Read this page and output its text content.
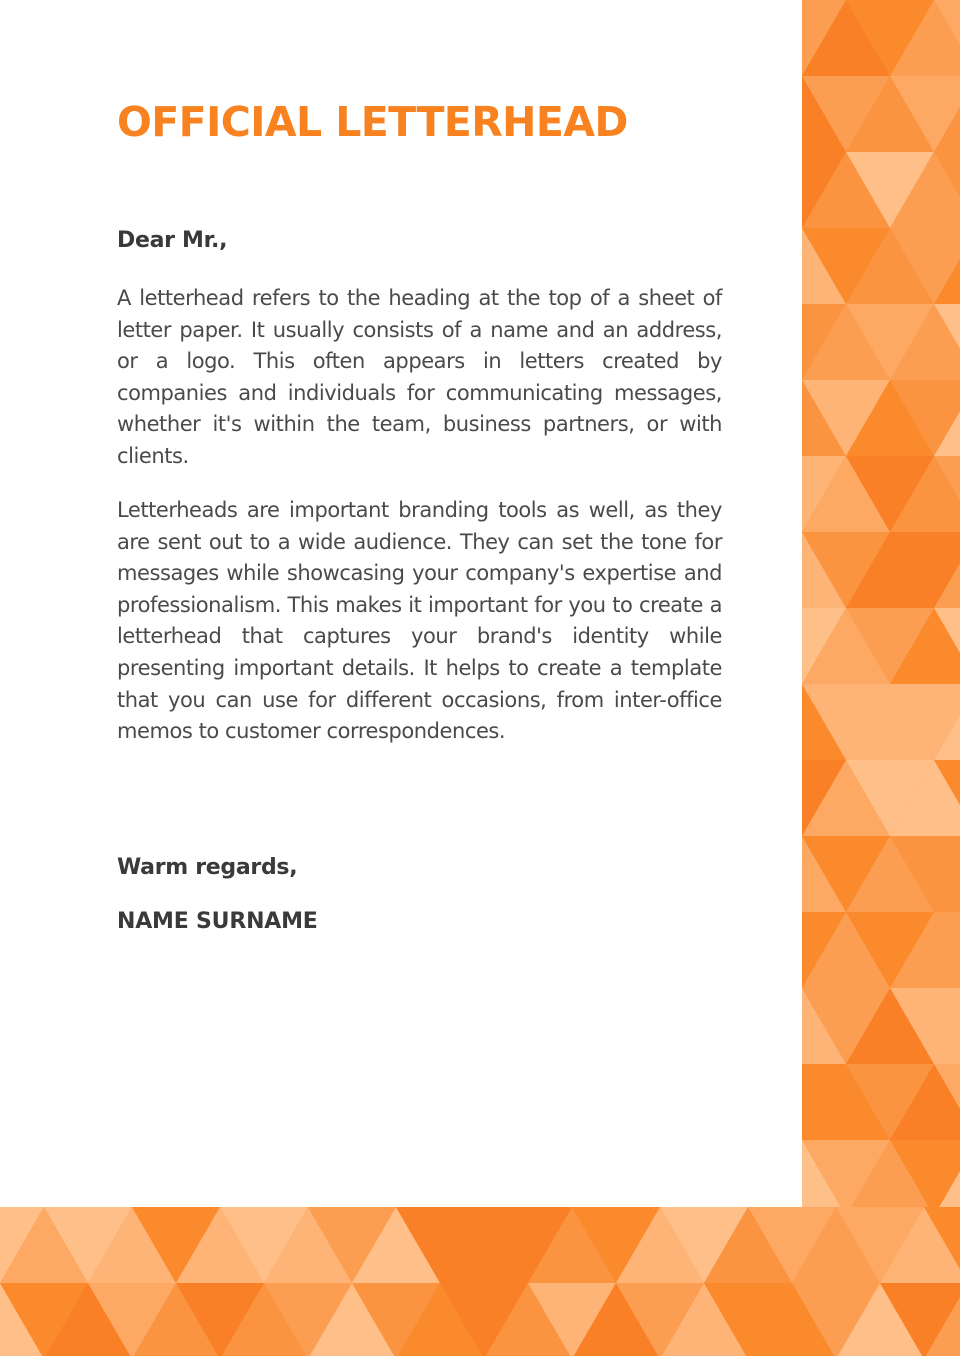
OFFICIAL LETTERHEAD

Dear Mr.,

A letterhead refers to the heading at the top of a sheet of letter paper. It usually consists of a name and an address, or a logo. This often appears in letters created by companies and individuals for communicating messages, whether it's within the team, business partners, or with clients.

Letterheads are important branding tools as well, as they are sent out to a wide audience. They can set the tone for messages while showcasing your company's expertise and professionalism. This makes it important for you to create a letterhead that captures your brand's identity while presenting important details. It helps to create a template that you can use for different occasions, from inter-office memos to customer correspondences.

Warm regards,

NAME SURNAME
